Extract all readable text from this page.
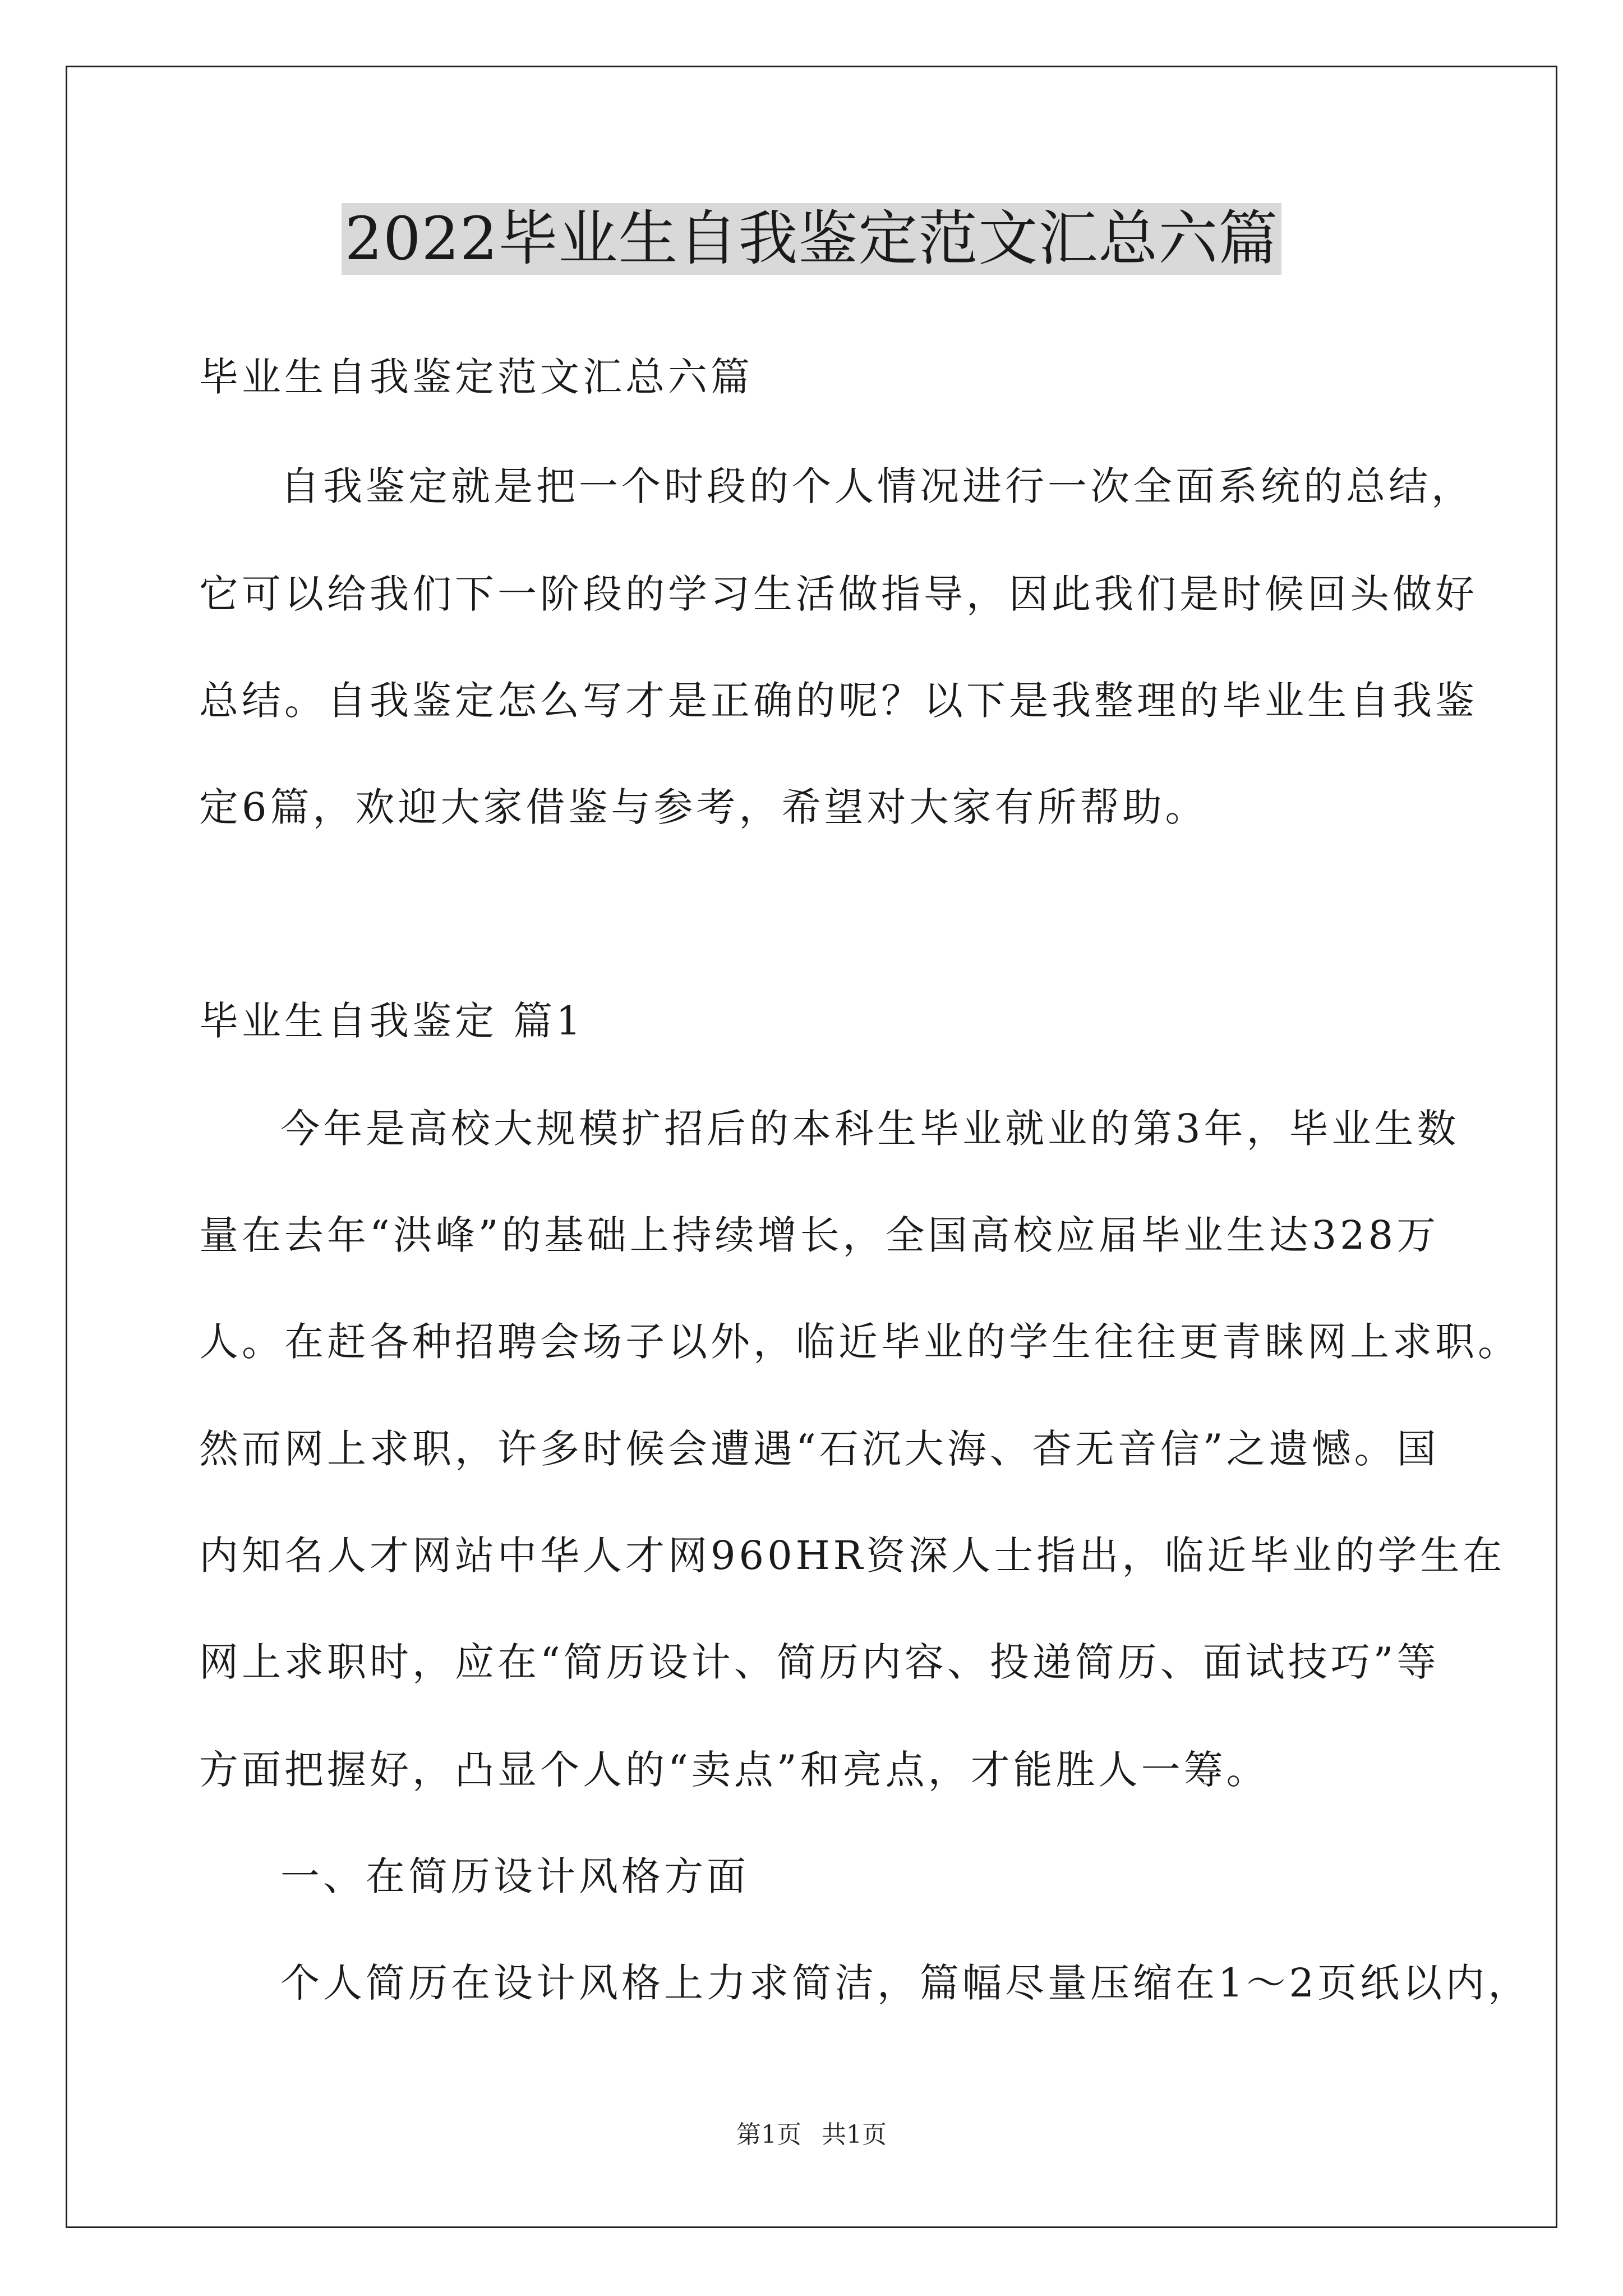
2022毕业生自我鉴定范文汇总六篇
毕业生自我鉴定范文汇总六篇
自我鉴定就是把一个时段的个人情况进行一次全面系统的总结，
它可以给我们下一阶段的学习生活做指导，因此我们是时候回头做好
总结。自我鉴定怎么写才是正确的呢？以下是我整理的毕业生自我鉴
定6篇，欢迎大家借鉴与参考，希望对大家有所帮助。
毕业生自我鉴定 篇1
今年是高校大规模扩招后的本科生毕业就业的第3年，毕业生数
量在去年“洪峰”的基础上持续增长，全国高校应届毕业生达328万
人。在赶各种招聘会场子以外，临近毕业的学生往往更青睐网上求职。
然而网上求职，许多时候会遭遇“石沉大海、杳无音信”之遗憾。国
内知名人才网站中华人才网960HR资深人士指出，临近毕业的学生在
网上求职时，应在“简历设计、简历内容、投递简历、面试技巧”等
方面把握好，凸显个人的“卖点”和亮点，才能胜人一筹。
一、在简历设计风格方面
个人简历在设计风格上力求简洁，篇幅尽量压缩在1～2页纸以内，
第1页 共1页
